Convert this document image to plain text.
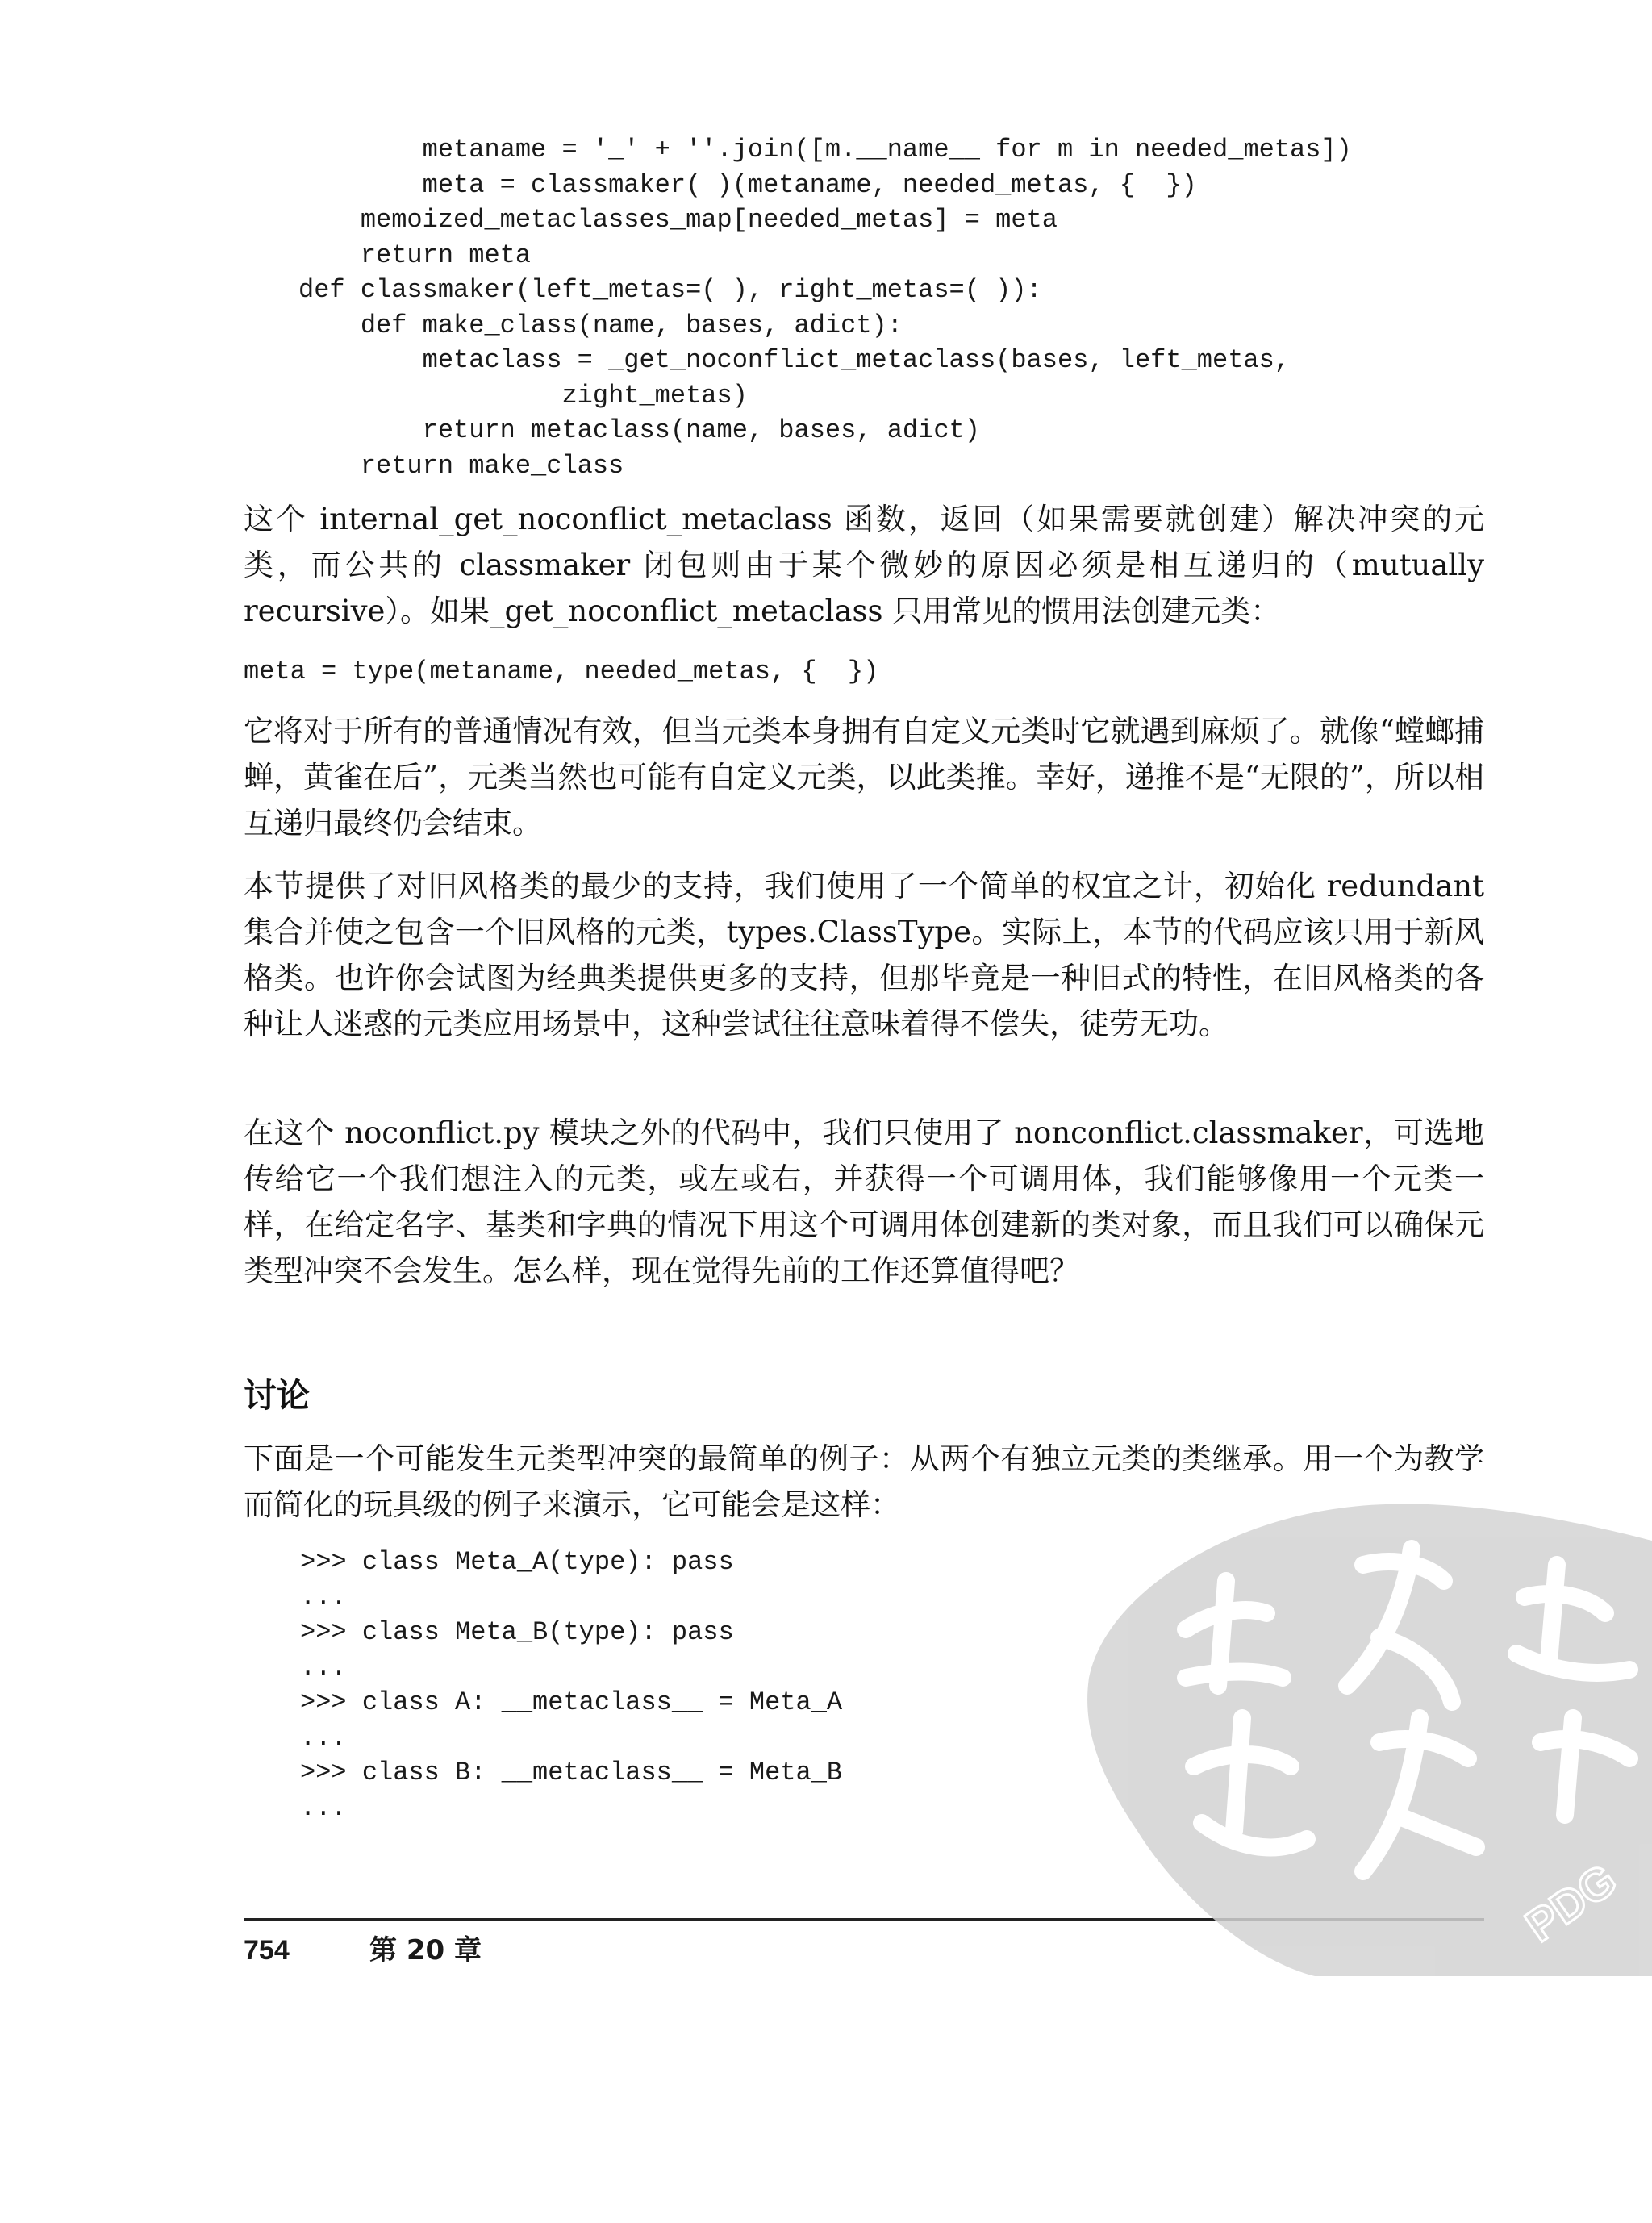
metaname = '_' + ''.join([m.__name__ for m in needed_metas])
meta = classmaker( )(metaname, needed_metas, {  })
memoized_metaclasses_map[needed_metas] = meta
return meta
def classmaker(left_metas=( ), right_metas=( )):
def make_class(name, bases, adict):
metaclass = _get_noconflict_metaclass(bases, left_metas,
zight_metas)
return metaclass(name, bases, adict)
return make_class

这个 internal_get_noconflict_metaclass 函数，返回（如果需要就创建）解决冲突的元类，而公共的 classmaker 闭包则由于某个微妙的原因必须是相互递归的（mutually recursive）。如果_get_noconflict_metaclass 只用常见的惯用法创建元类：

meta = type(metaname, needed_metas, {  })

它将对于所有的普通情况有效，但当元类本身拥有自定义元类时它就遇到麻烦了。就像“螳螂捕蝉，黄雀在后”，元类当然也可能有自定义元类，以此类推。幸好，递推不是“无限的”，所以相互递归最终仍会结束。

本节提供了对旧风格类的最少的支持，我们使用了一个简单的权宜之计，初始化 redundant 集合并使之包含一个旧风格的元类，types.ClassType。实际上，本节的代码应该只用于新风格类。也许你会试图为经典类提供更多的支持，但那毕竟是一种旧式的特性，在旧风格类的各种让人迷惑的元类应用场景中，这种尝试往往意味着得不偿失，徒劳无功。

在这个 noconflict.py 模块之外的代码中，我们只使用了 nonconflict.classmaker，可选地传给它一个我们想注入的元类，或左或右，并获得一个可调用体，我们能够像用一个元类一样，在给定名字、基类和字典的情况下用这个可调用体创建新的类对象，而且我们可以确保元类型冲突不会发生。怎么样，现在觉得先前的工作还算值得吧？

讨论

下面是一个可能发生元类型冲突的最简单的例子：从两个有独立元类的类继承。用一个为教学而简化的玩具级的例子来演示，它可能会是这样：

>>> class Meta_A(type): pass
...
>>> class Meta_B(type): pass
...
>>> class A: __metaclass__ = Meta_A
...
>>> class B: __metaclass__ = Meta_B
...
754	第 20 章	PDG
